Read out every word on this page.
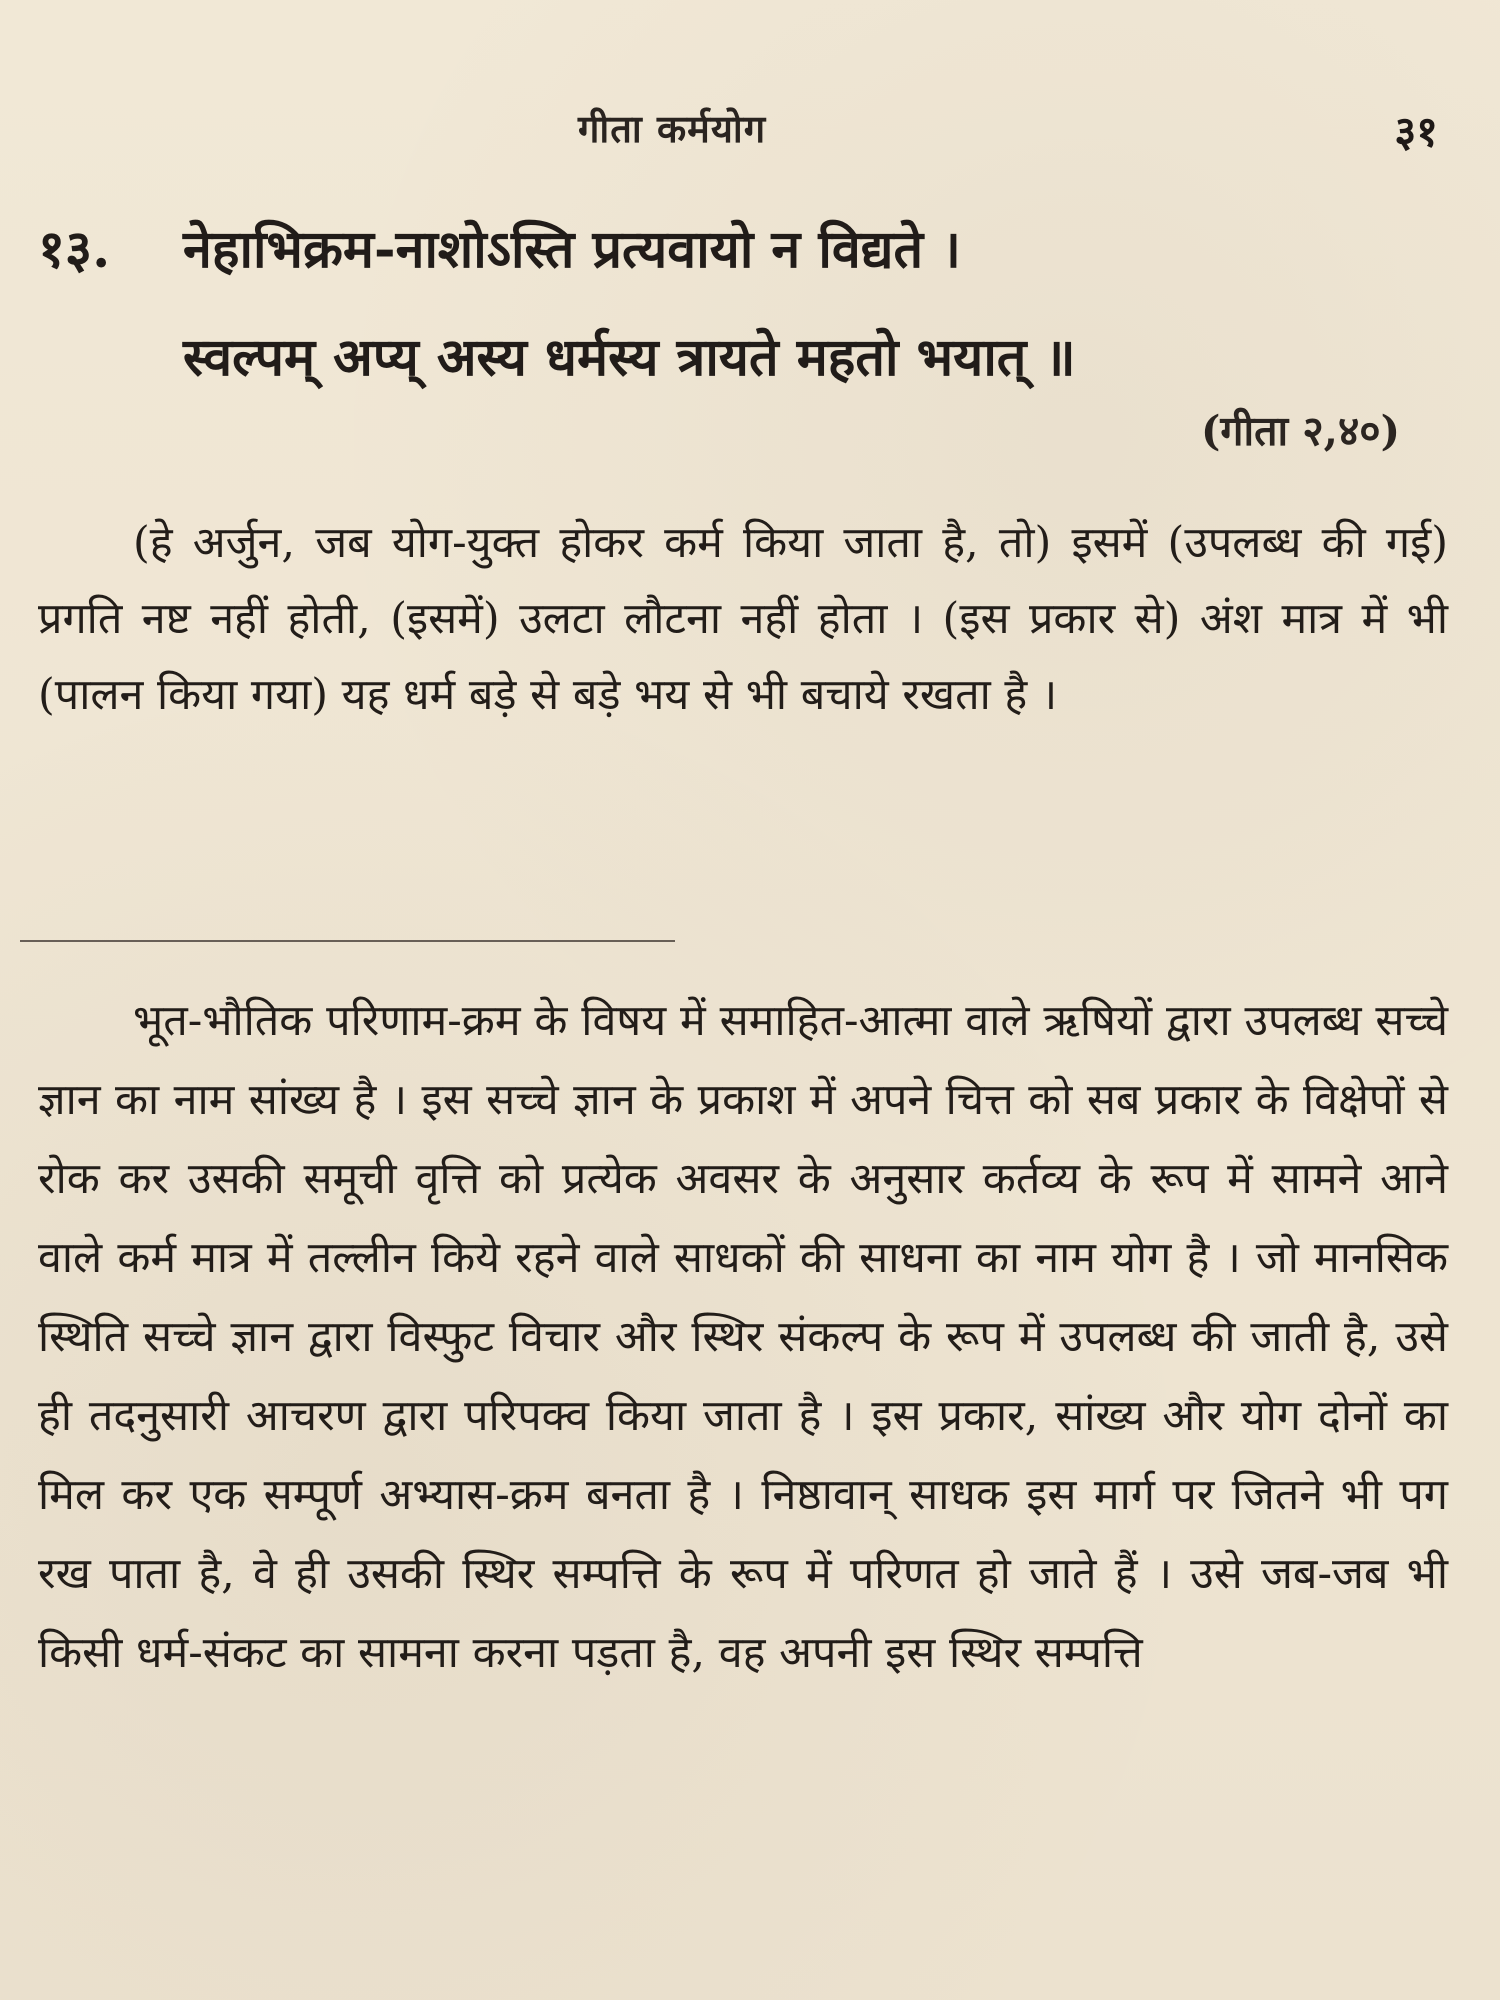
गीता कर्मयोग	३१
१३. नेहाभिक्रम-नाशोऽस्ति प्रत्यवायो न विद्यते ।
स्वल्पम् अप्य् अस्य धर्मस्य त्रायते महतो भयात् ॥
(गीता २,४०)

(हे अर्जुन, जब योग-युक्त होकर कर्म किया जाता है, तो) इसमें (उपलब्ध की गई) प्रगति नष्ट नहीं होती, (इसमें) उलटा लौटना नहीं होता । (इस प्रकार से) अंश मात्र में भी (पालन किया गया) यह धर्म बड़े से बड़े भय से भी बचाये रखता है ।

भूत-भौतिक परिणाम-क्रम के विषय में समाहित-आत्मा वाले ऋषियों द्वारा उपलब्ध सच्चे ज्ञान का नाम सांख्य है । इस सच्चे ज्ञान के प्रकाश में अपने चित्त को सब प्रकार के विक्षेपों से रोक कर उसकी समूची वृत्ति को प्रत्येक अवसर के अनुसार कर्तव्य के रूप में सामने आने वाले कर्म मात्र में तल्लीन किये रहने वाले साधकों की साधना का नाम योग है । जो मानसिक स्थिति सच्चे ज्ञान द्वारा विस्फुट विचार और स्थिर संकल्प के रूप में उपलब्ध की जाती है, उसे ही तदनुसारी आचरण द्वारा परिपक्व किया जाता है । इस प्रकार, सांख्य और योग दोनों का मिल कर एक सम्पूर्ण अभ्यास-क्रम बनता है । निष्ठावान् साधक इस मार्ग पर जितने भी पग रख पाता है, वे ही उसकी स्थिर सम्पत्ति के रूप में परिणत हो जाते हैं । उसे जब-जब भी किसी धर्म-संकट का सामना करना पड़ता है, वह अपनी इस स्थिर सम्पत्ति
